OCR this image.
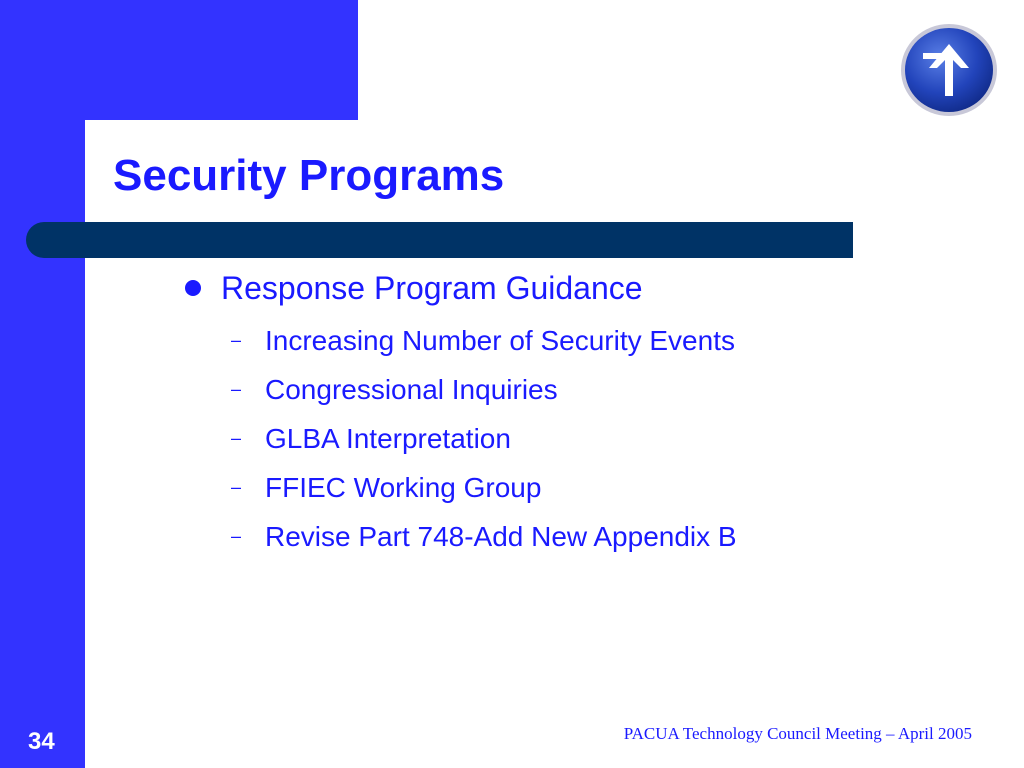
Security Programs
Response Program Guidance
– Increasing Number of Security Events
– Congressional Inquiries
– GLBA Interpretation
– FFIEC Working Group
– Revise Part 748-Add New Appendix B
34	PACUA Technology Council Meeting – April 2005
